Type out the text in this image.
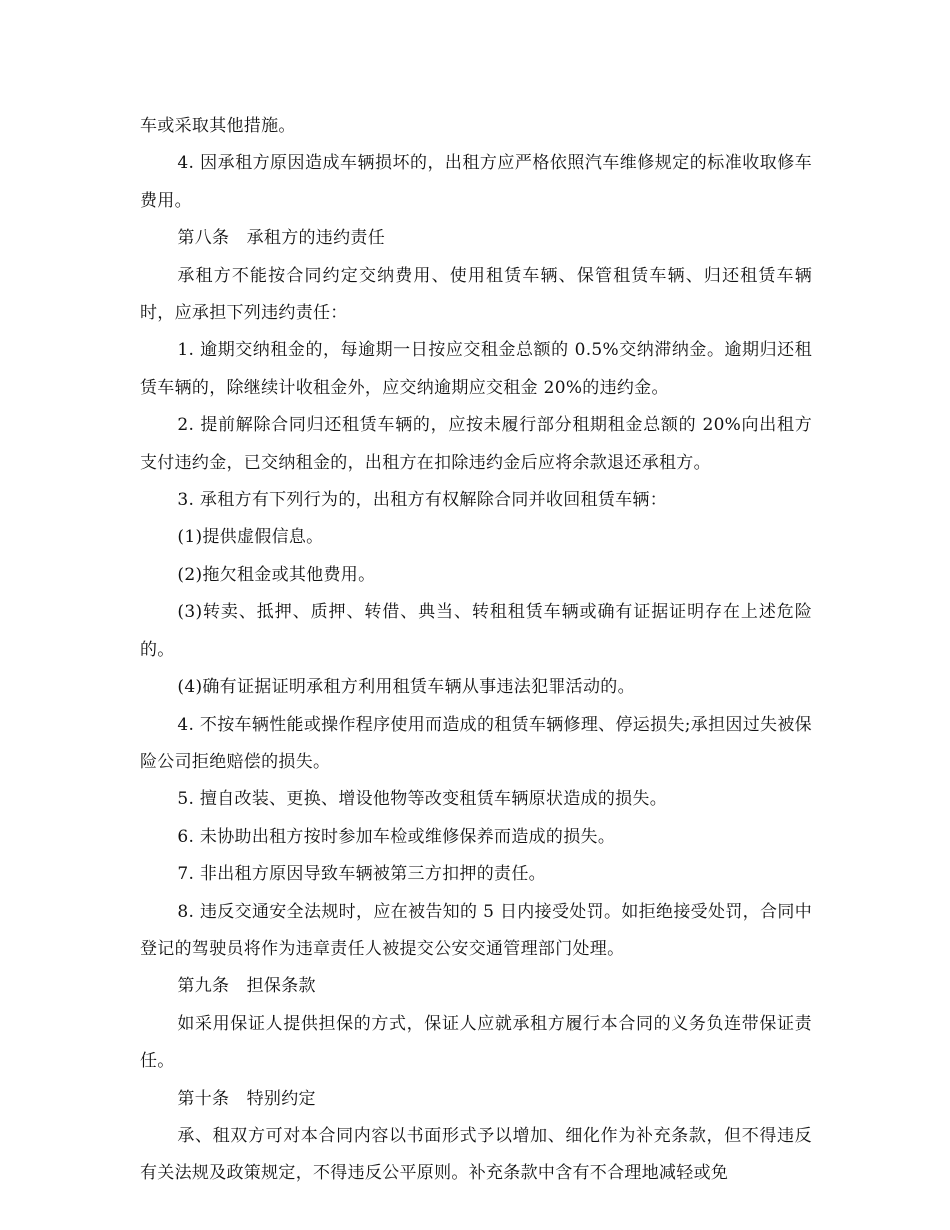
车或采取其他措施。

4. 因承租方原因造成车辆损坏的，出租方应严格依照汽车维修规定的标准收取修车费用。

第八条　承租方的违约责任

承租方不能按合同约定交纳费用、使用租赁车辆、保管租赁车辆、归还租赁车辆时，应承担下列违约责任：

1. 逾期交纳租金的，每逾期一日按应交租金总额的 0.5%交纳滞纳金。逾期归还租赁车辆的，除继续计收租金外，应交纳逾期应交租金 20%的违约金。

2. 提前解除合同归还租赁车辆的，应按未履行部分租期租金总额的 20%向出租方支付违约金，已交纳租金的，出租方在扣除违约金后应将余款退还承租方。

3. 承租方有下列行为的，出租方有权解除合同并收回租赁车辆：

(1)提供虚假信息。

(2)拖欠租金或其他费用。

(3)转卖、抵押、质押、转借、典当、转租租赁车辆或确有证据证明存在上述危险的。

(4)确有证据证明承租方利用租赁车辆从事违法犯罪活动的。

4. 不按车辆性能或操作程序使用而造成的租赁车辆修理、停运损失;承担因过失被保险公司拒绝赔偿的损失。

5. 擅自改装、更换、增设他物等改变租赁车辆原状造成的损失。

6. 未协助出租方按时参加车检或维修保养而造成的损失。

7. 非出租方原因导致车辆被第三方扣押的责任。

8. 违反交通安全法规时，应在被告知的 5 日内接受处罚。如拒绝接受处罚，合同中登记的驾驶员将作为违章责任人被提交公安交通管理部门处理。

第九条　担保条款

如采用保证人提供担保的方式，保证人应就承租方履行本合同的义务负连带保证责任。

第十条　特别约定

承、租双方可对本合同内容以书面形式予以增加、细化作为补充条款，但不得违反有关法规及政策规定，不得违反公平原则。补充条款中含有不合理地减轻或免
